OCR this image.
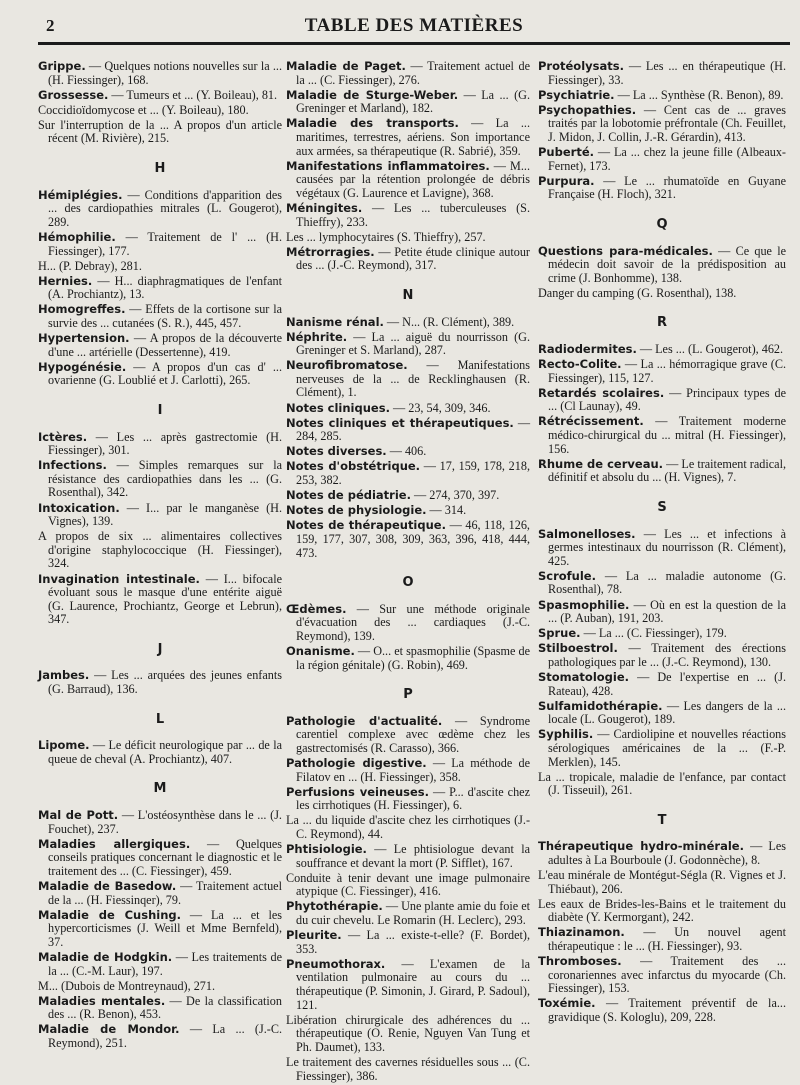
2	TABLE DES MATIÈRES

Grippe. — Quelques notions nouvelles sur la ... (H. Fiessinger), 168.

Grossesse. — Tumeurs et ... (Y. Boileau), 81.

Coccidioïdomycose et ... (Y. Boileau), 180.

Sur l'interruption de la ... A propos d'un article récent (M. Rivière), 215.

H

Hémiplégies. — Conditions d'apparition des ... des cardiopathies mitrales (L. Gougerot), 289.

Hémophilie. — Traitement de l' ... (H. Fiessinger), 177.

H... (P. Debray), 281.

Hernies. — H... diaphragmatiques de l'enfant (A. Prochiantz), 13.

Homogreffes. — Effets de la cortisone sur la survie des ... cutanées (S. R.), 445, 457.

Hypertension. — A propos de la découverte d'une ... artérielle (Dessertenne), 419.

Hypogénésie. — A propos d'un cas d' ... ovarienne (G. Loublié et J. Carlotti), 265.

I

Ictères. — Les ... après gastrectomie (H. Fiessinger), 301.

Infections. — Simples remarques sur la résistance des cardiopathies dans les ... (G. Rosenthal), 342.

Intoxication. — I... par le manganèse (H. Vignes), 139.

A propos de six ... alimentaires collectives d'origine staphylococcique (H. Fiessinger), 324.

Invagination intestinale. — I... bifocale évoluant sous le masque d'une entérite aiguë (G. Laurence, Prochiantz, George et Lebrun), 347.

J

Jambes. — Les ... arquées des jeunes enfants (G. Barraud), 136.

L

Lipome. — Le déficit neurologique par ... de la queue de cheval (A. Prochiantz), 407.

M

Mal de Pott. — L'ostéosynthèse dans le ... (J. Fouchet), 237.

Maladies allergiques. — Quelques conseils pratiques concernant le diagnostic et le traitement des ... (C. Fiessinger), 459.

Maladie de Basedow. — Traitement actuel de la ... (H. Fiessinqer), 79.

Maladie de Cushing. — La ... et les hypercorticismes (J. Weill et Mme Bernfeld), 37.

Maladie de Hodgkin. — Les traitements de la ... (C.-M. Laur), 197.

M... (Dubois de Montreynaud), 271.

Maladies mentales. — De la classification des ... (R. Benon), 453.

Maladie de Mondor. — La ... (J.-C. Reymond), 251.

Maladie de Paget. — Traitement actuel de la ... (C. Fiessinger), 276.

Maladie de Sturge-Weber. — La ... (G. Greninger et Marland), 182.

Maladie des transports. — La ... maritimes, terrestres, aériens. Son importance aux armées, sa thérapeutique (R. Sabrié), 359.

Manifestations inflammatoires. — M... causées par la rétention prolongée de débris végétaux (G. Laurence et Lavigne), 368.

Méningites. — Les ... tuberculeuses (S. Thieffry), 233.

Les ... lymphocytaires (S. Thieffry), 257.

Métrorragies. — Petite étude clinique autour des ... (J.-C. Reymond), 317.

N

Nanisme rénal. — N... (R. Clément), 389.

Néphrite. — La ... aiguë du nourrisson (G. Greninger et S. Marland), 287.

Neurofibromatose. — Manifestations nerveuses de la ... de Recklinghausen (R. Clément), 1.

Notes cliniques. — 23, 54, 309, 346.

Notes cliniques et thérapeutiques. — 284, 285.

Notes diverses. — 406.

Notes d'obstétrique. — 17, 159, 178, 218, 253, 382.

Notes de pédiatrie. — 274, 370, 397.

Notes de physiologie. — 314.

Notes de thérapeutique. — 46, 118, 126, 159, 177, 307, 308, 309, 363, 396, 418, 444, 473.

O

Œdèmes. — Sur une méthode originale d'évacuation des ... cardiaques (J.-C. Reymond), 139.

Onanisme. — O... et spasmophilie (Spasme de la région génitale) (G. Robin), 469.

P

Pathologie d'actualité. — Syndrome carentiel complexe avec œdème chez les gastrectomisés (R. Carasso), 366.

Pathologie digestive. — La méthode de Filatov en ... (H. Fiessinger), 358.

Perfusions veineuses. — P... d'ascite chez les cirrhotiques (H. Fiessinger), 6.

La ... du liquide d'ascite chez les cirrhotiques (J.-C. Reymond), 44.

Phtisiologie. — Le phtisiologue devant la souffrance et devant la mort (P. Sifflet), 167.

Conduite à tenir devant une image pulmonaire atypique (C. Fiessinger), 416.

Phytothérapie. — Une plante amie du foie et du cuir chevelu. Le Romarin (H. Leclerc), 293.

Pleurite. — La ... existe-t-elle? (F. Bordet), 353.

Pneumothorax. — L'examen de la ventilation pulmonaire au cours du ... thérapeutique (P. Simonin, J. Girard, P. Sadoul), 121.

Libération chirurgicale des adhérences du ... thérapeutique (O. Renie, Nguyen Van Tung et Ph. Daumet), 133.

Le traitement des cavernes résiduelles sous ... (C. Fiessinger), 386.

Protéolysats. — Les ... en thérapeutique (H. Fiessinger), 33.

Psychiatrie. — La ... Synthèse (R. Benon), 89.

Psychopathies. — Cent cas de ... graves traités par la lobotomie préfrontale (Ch. Feuillet, J. Midon, J. Collin, J.-R. Gérardin), 413.

Puberté. — La ... chez la jeune fille (Albeaux-Fernet), 173.

Purpura. — Le ... rhumatoïde en Guyane Française (H. Floch), 321.

Q

Questions para-médicales. — Ce que le médecin doit savoir de la prédisposition au crime (J. Bonhomme), 138.

Danger du camping (G. Rosenthal), 138.

R

Radiodermites. — Les ... (L. Gougerot), 462.

Recto-Colite. — La ... hémorragique grave (C. Fiessinger), 115, 127.

Retardés scolaires. — Principaux types de ... (Cl Launay), 49.

Rétrécissement. — Traitement moderne médico-chirurgical du ... mitral (H. Fiessinger), 156.

Rhume de cerveau. — Le traitement radical, définitif et absolu du ... (H. Vignes), 7.

S

Salmonelloses. — Les ... et infections à germes intestinaux du nourrisson (R. Clément), 425.

Scrofule. — La ... maladie autonome (G. Rosenthal), 78.

Spasmophilie. — Où en est la question de la ... (P. Auban), 191, 203.

Sprue. — La ... (C. Fiessinger), 179.

Stilboestrol. — Traitement des érections pathologiques par le ... (J.-C. Reymond), 130.

Stomatologie. — De l'expertise en ... (J. Rateau), 428.

Sulfamidothérapie. — Les dangers de la ... locale (L. Gougerot), 189.

Syphilis. — Cardiolipine et nouvelles réactions sérologiques américaines de la ... (F.-P. Merklen), 145.

La ... tropicale, maladie de l'enfance, par contact (J. Tisseuil), 261.

T

Thérapeutique hydro-minérale. — Les adultes à La Bourboule (J. Godonnèche), 8.

L'eau minérale de Montégut-Ségla (R. Vignes et J. Thiébaut), 206.

Les eaux de Brides-les-Bains et le traitement du diabète (Y. Kermorgant), 242.

Thiazinamon. — Un nouvel agent thérapeutique : le ... (H. Fiessinger), 93.

Thromboses. — Traitement des ... coronariennes avec infarctus du myocarde (Ch. Fiessinger), 153.

Toxémie. — Traitement préventif de la... gravidique (S. Kologlu), 209, 228.
